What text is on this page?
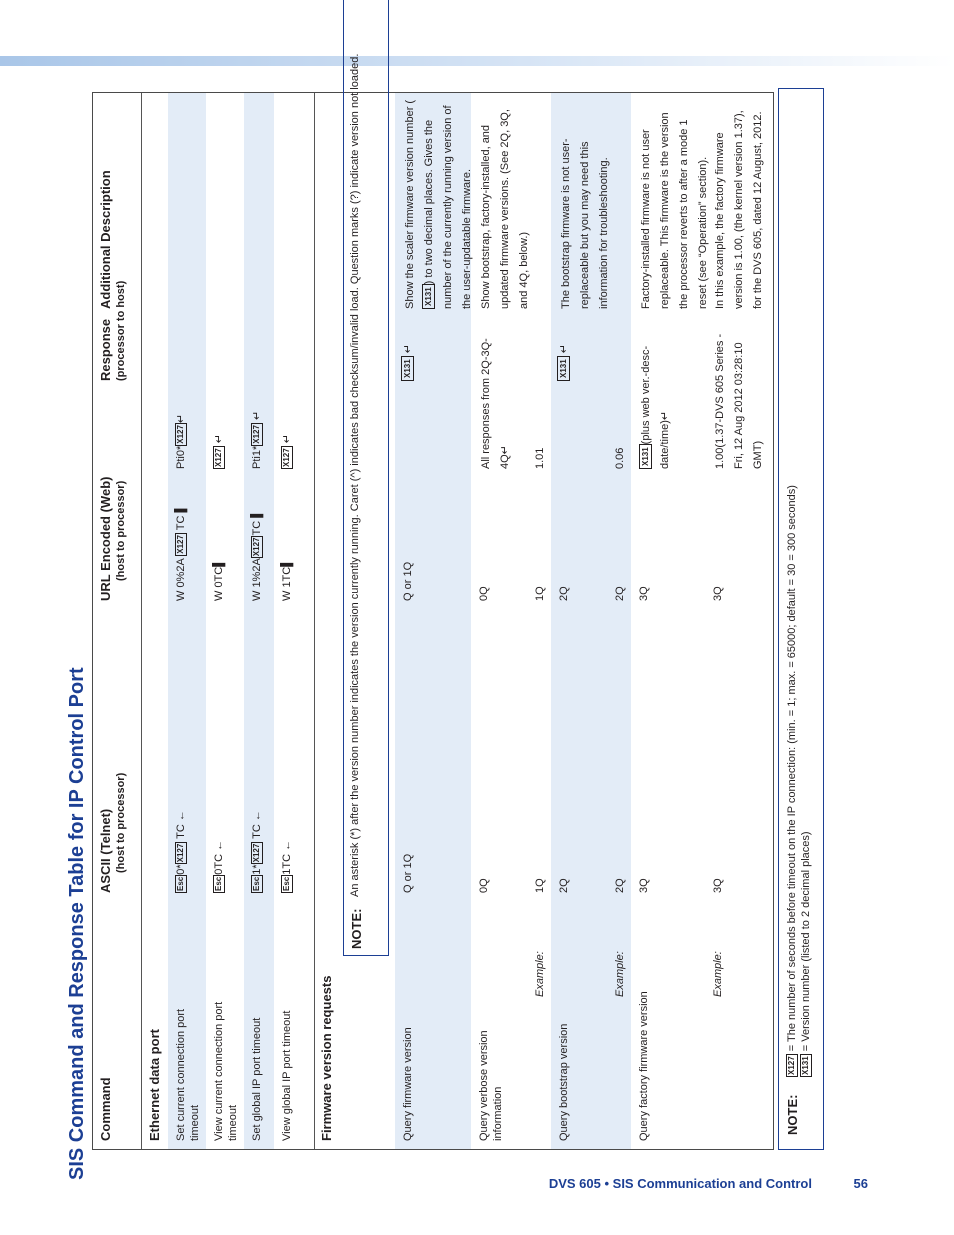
SIS Command and Response Table for IP Control Port Command
ASCII (Telnet) (host to processor)
URL Encoded (Web) (host to processor)
Response (processor to host)
Additional Description
Ethernet data port Set current connection port timeout
Esc0*X127 TC ←
W 0%2A X127 TC ▌
Pti0*X127↵
View current connection port timeout
Esc0TC ←
W 0TC▌
X127 ↵
Set global IP port timeout
Esc1*X127 TC ←
W 1%2AX127TC ▌
Pti1*X127 ↵
View global IP port timeout
Esc1TC ←
W 1TC▌
X127 ↵
Firmware version requests
NOTE:
An asterisk (*) after the version number indicates the version currently running. Caret (^) indicates bad checksum/invalid load. Question marks (?) indicate version not loaded.
Query firmware version
Q or 1Q
Q or 1Q
X131 ↵
Show the scaler firmware version number ( X131) to two decimal places. Gives the number of the currently running version of the user-updatable firmware.
Query verbose version information
0Q
0Q
All responses from 2Q-3Q-4Q↵
Show bootstrap, factory-installed, and updated firmware versions. (See 2Q, 3Q, and 4Q, below.)
Example:
1Q
1Q
1.01
Query bootstrap version
2Q
2Q
X131 ↵
The bootstrap firmware is not user-replaceable but you may need this information for troubleshooting.
Example:
2Q
2Q
0.06
Query factory firmware version
3Q
3Q
X131(plus web ver.-desc-date/time)↵
Factory-installed firmware is not user replaceable. This firmware is the version the processor reverts to after a mode 1 reset (see “Operation” section).
Example:
3Q
3Q
1.00(1.37-DVS 605 Series -Fri, 12 Aug 2012 03:28:10 GMT)
In this example, the factory firmware version is 1.00, (the kernel version 1.37), for the DVS 605, dated 12 August, 2012.
NOTE:
X127 = The number of seconds before timeout on the IP connection: (min. = 1; max. = 65000; default = 30 = 300 seconds)
X131 = Version number (listed to 2 decimal places)
DVS 605 • SIS Communication and Control	56
